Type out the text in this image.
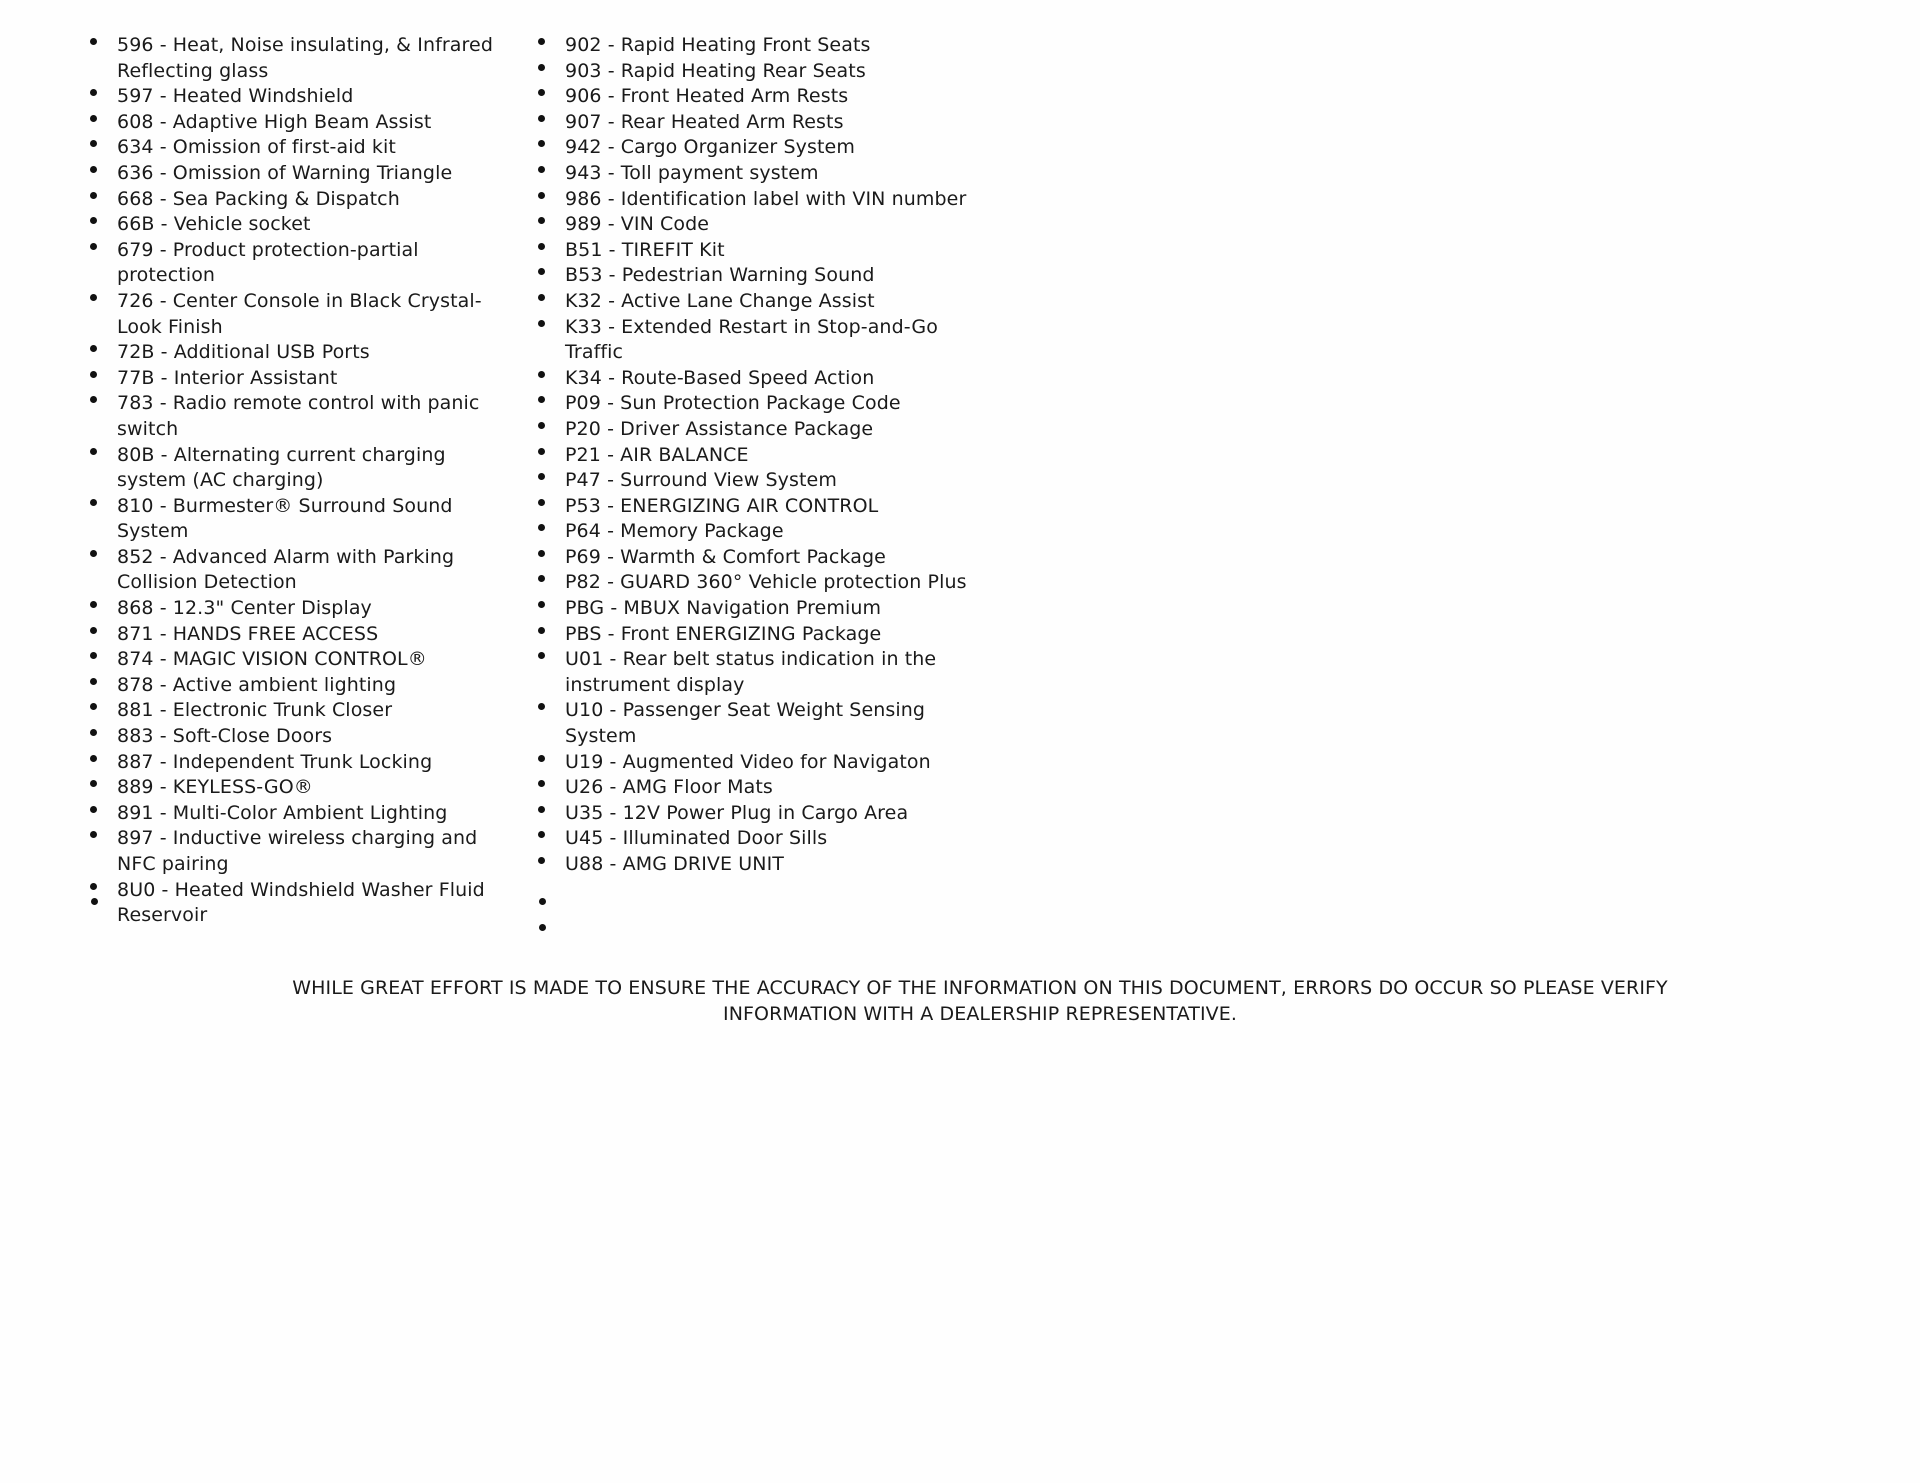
596 - Heat, Noise insulating, & Infrared Reflecting glass
597 - Heated Windshield
608 - Adaptive High Beam Assist
634 - Omission of first-aid kit
636 - Omission of Warning Triangle
668 - Sea Packing & Dispatch
66B - Vehicle socket
679 - Product protection-partial protection
726 - Center Console in Black Crystal-Look Finish
72B - Additional USB Ports
77B - Interior Assistant
783 - Radio remote control with panic switch
80B - Alternating current charging system (AC charging)
810 - Burmester® Surround Sound System
852 - Advanced Alarm with Parking Collision Detection
868 - 12.3" Center Display
871 - HANDS FREE ACCESS
874 - MAGIC VISION CONTROL®
878 - Active ambient lighting
881 - Electronic Trunk Closer
883 - Soft-Close Doors
887 - Independent Trunk Locking
889 - KEYLESS-GO®
891 - Multi-Color Ambient Lighting
897 - Inductive wireless charging and NFC pairing
8U0 - Heated Windshield Washer Fluid Reservoir
902 - Rapid Heating Front Seats
903 - Rapid Heating Rear Seats
906 - Front Heated Arm Rests
907 - Rear Heated Arm Rests
942 - Cargo Organizer System
943 - Toll payment system
986 - Identification label with VIN number
989 - VIN Code
B51 - TIREFIT Kit
B53 - Pedestrian Warning Sound
K32 - Active Lane Change Assist
K33 - Extended Restart in Stop-and-Go Traffic
K34 - Route-Based Speed Action
P09 - Sun Protection Package Code
P20 - Driver Assistance Package
P21 - AIR BALANCE
P47 - Surround View System
P53 - ENERGIZING AIR CONTROL
P64 - Memory Package
P69 - Warmth & Comfort Package
P82 - GUARD 360° Vehicle protection Plus
PBG - MBUX Navigation Premium
PBS - Front ENERGIZING Package
U01 - Rear belt status indication in the instrument display
U10 - Passenger Seat Weight Sensing System
U19 - Augmented Video for Navigaton
U26 - AMG Floor Mats
U35 - 12V Power Plug in Cargo Area
U45 - Illuminated Door Sills
U88 - AMG DRIVE UNIT
WHILE GREAT EFFORT IS MADE TO ENSURE THE ACCURACY OF THE INFORMATION ON THIS DOCUMENT, ERRORS DO OCCUR SO PLEASE VERIFY INFORMATION WITH A DEALERSHIP REPRESENTATIVE.
